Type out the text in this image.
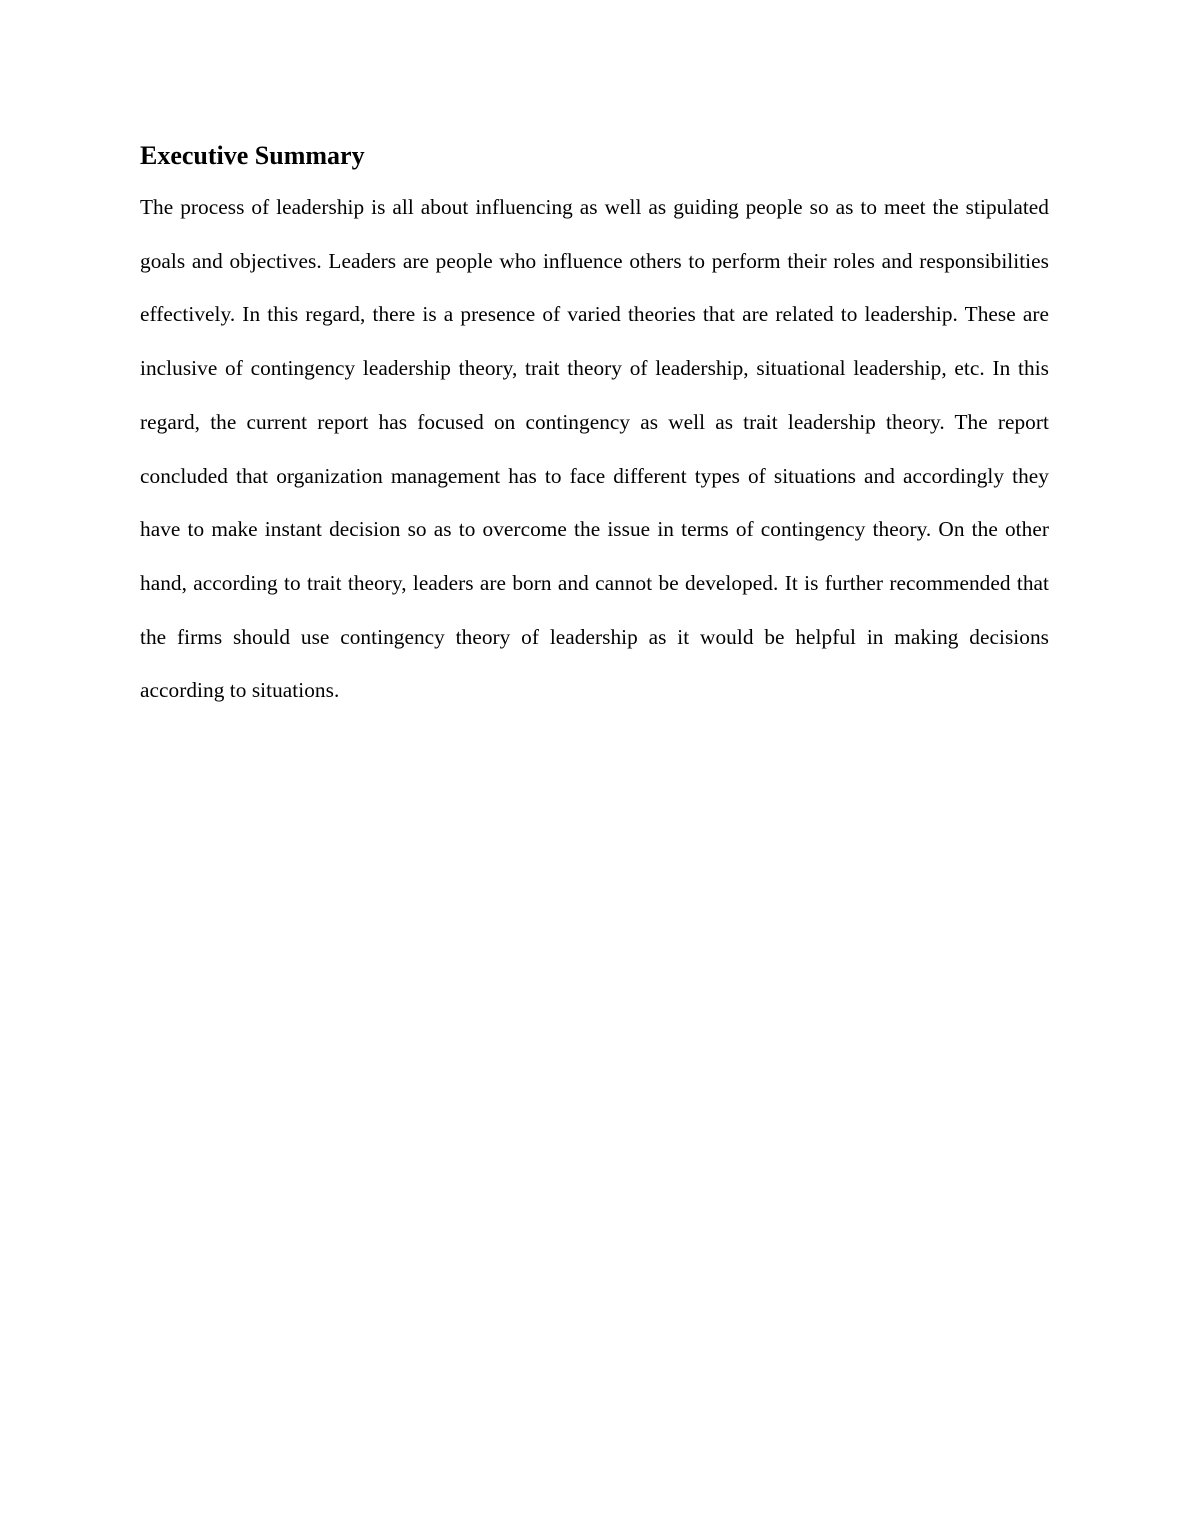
Executive Summary

The process of leadership is all about influencing as well as guiding people so as to meet the stipulated goals and objectives. Leaders are people who influence others to perform their roles and responsibilities effectively. In this regard, there is a presence of varied theories that are related to leadership. These are inclusive of contingency leadership theory, trait theory of leadership, situational leadership, etc. In this regard, the current report has focused on contingency as well as trait leadership theory. The report concluded that organization management has to face different types of situations and accordingly they have to make instant decision so as to overcome the issue in terms of contingency theory. On the other hand, according to trait theory, leaders are born and cannot be developed. It is further recommended that the firms should use contingency theory of leadership as it would be helpful in making decisions according to situations.
